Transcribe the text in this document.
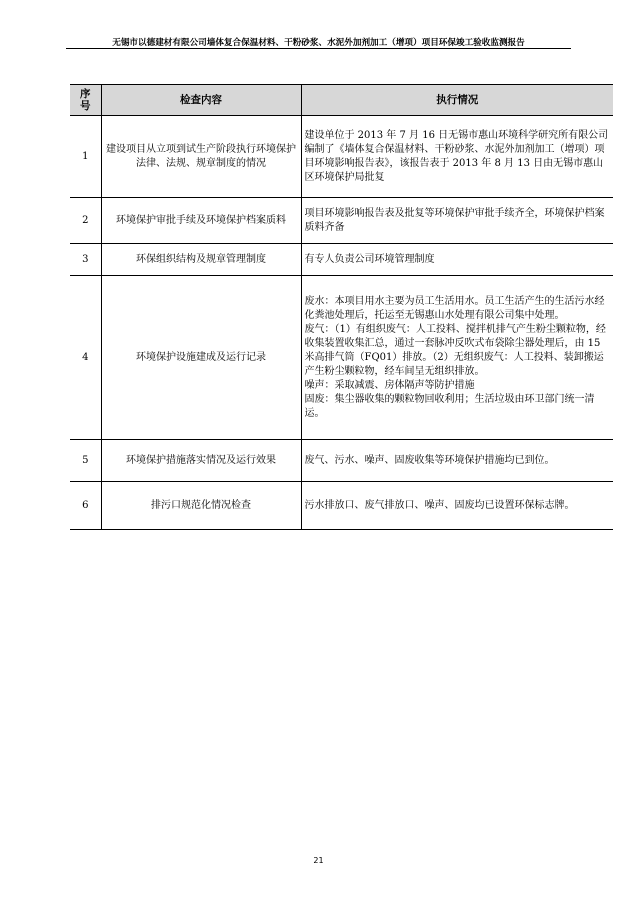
无锡市以德建材有限公司墙体复合保温材料、干粉砂浆、水泥外加剂加工（增项）项目环保竣工验收监测报告
序
号	检查内容	执行情况
1	建设项目从立项到试生产阶段执行环境保护法律、法规、规章制度的情况	建设单位于 2013 年 7 月 16 日无锡市惠山环境科学研究所有限公司编制了《墙体复合保温材料、干粉砂浆、水泥外加剂加工（增项）项目环境影响报告表》，该报告表于 2013 年 8 月 13 日由无锡市惠山区环境保护局批复

2	环境保护审批手续及环境保护档案质料	项目环境影响报告表及批复等环境保护审批手续齐全，环境保护档案质料齐备

3	环保组织结构及规章管理制度	有专人负责公司环境管理制度

4	环境保护设施建成及运行记录	废水：本项目用水主要为员工生活用水。员工生活产生的生活污水经化粪池处理后，托运至无锡惠山水处理有限公司集中处理。
废气：（1）有组织废气：人工投料、搅拌机排气产生粉尘颗粒物，经收集装置收集汇总，通过一套脉冲反吹式布袋除尘器处理后，由 15 米高排气筒（FQ01）排放。（2）无组织废气：人工投料、装卸搬运产生粉尘颗粒物，经车间呈无组织排放。
噪声：采取减震、房体隔声等防护措施
固废：集尘器收集的颗粒物回收利用；生活垃圾由环卫部门统一清运。

5	环境保护措施落实情况及运行效果	废气、污水、噪声、固废收集等环境保护措施均已到位。

6	排污口规范化情况检查	污水排放口、废气排放口、噪声、固废均已设置环保标志牌。
21
